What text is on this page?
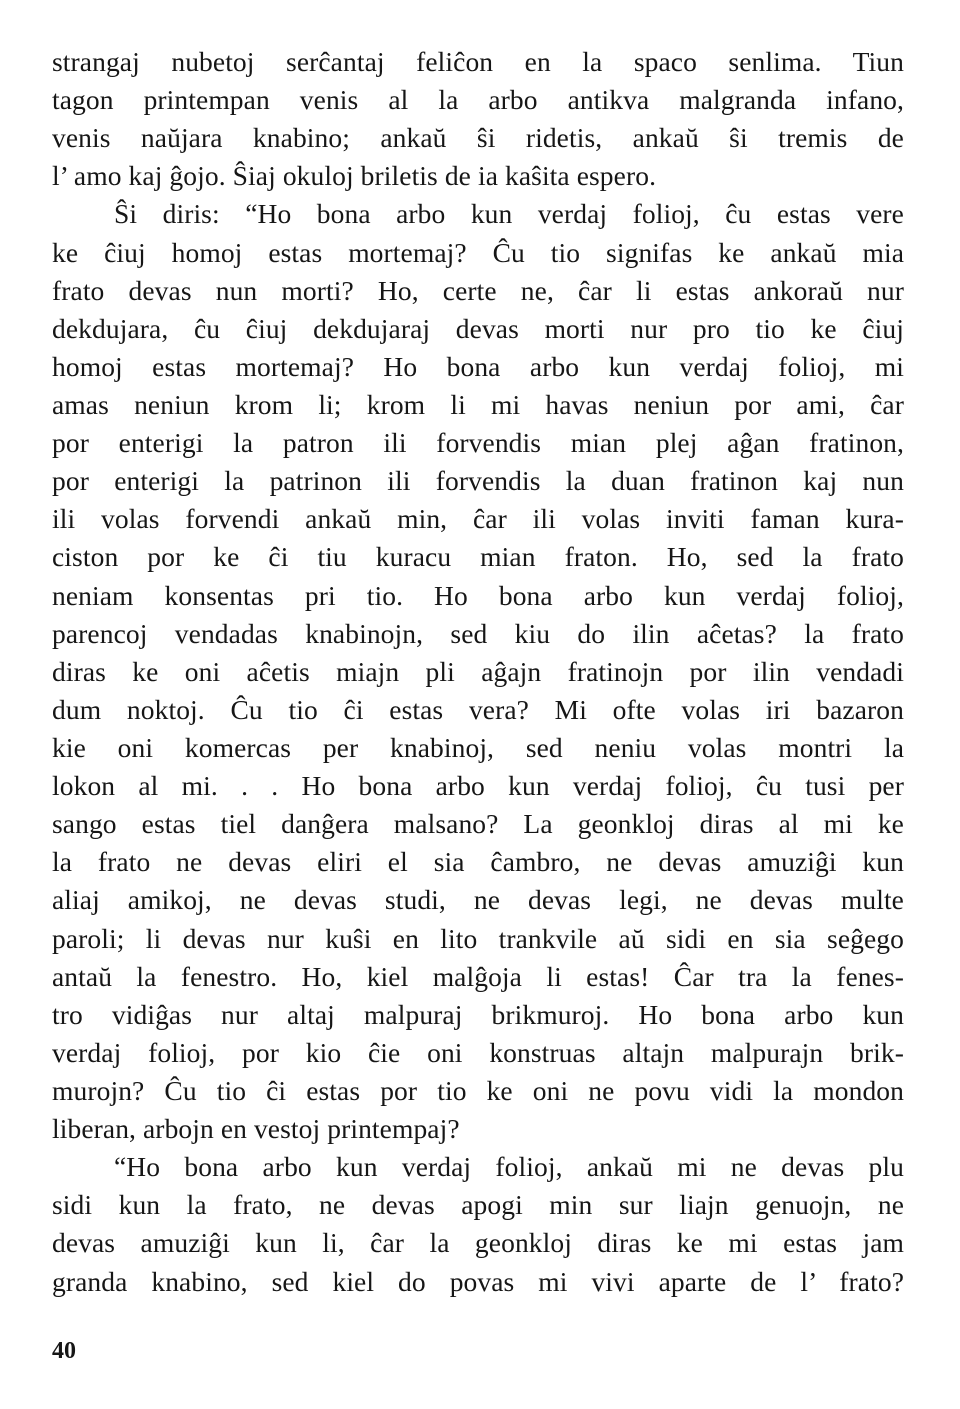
strangaj nubetoj serĉantaj feliĉon en la spaco senlima. Tiun
tagon printempan venis al la arbo antikva malgranda infano,
venis naŭjara knabino; ankaŭ ŝi ridetis, ankaŭ ŝi tremis de
l’ amo kaj ĝojo. Ŝiaj okuloj briletis de ia kaŝita espero.
Ŝi diris: “Ho bona arbo kun verdaj folioj, ĉu estas vere
ke ĉiuj homoj estas mortemaj? Ĉu tio signifas ke ankaŭ mia
frato devas nun morti? Ho, certe ne, ĉar li estas ankoraŭ nur
dekdujara, ĉu ĉiuj dekdujaraj devas morti nur pro tio ke ĉiuj
homoj estas mortemaj? Ho bona arbo kun verdaj folioj, mi
amas neniun krom li; krom li mi havas neniun por ami, ĉar
por enterigi la patron ili forvendis mian plej aĝan fratinon,
por enterigi la patrinon ili forvendis la duan fratinon kaj nun
ili volas forvendi ankaŭ min, ĉar ili volas inviti faman kura-
ciston por ke ĉi tiu kuracu mian fraton. Ho, sed la frato
neniam konsentas pri tio. Ho bona arbo kun verdaj folioj,
parencoj vendadas knabinojn, sed kiu do ilin aĉetas? la frato
diras ke oni aĉetis miajn pli aĝajn fratinojn por ilin vendadi
dum noktoj. Ĉu tio ĉi estas vera? Mi ofte volas iri bazaron
kie oni komercas per knabinoj, sed neniu volas montri la
lokon al mi. . . Ho bona arbo kun verdaj folioj, ĉu tusi per
sango estas tiel danĝera malsano? La geonkloj diras al mi ke
la frato ne devas eliri el sia ĉambro, ne devas amuziĝi kun
aliaj amikoj, ne devas studi, ne devas legi, ne devas multe
paroli; li devas nur kuŝi en lito trankvile aŭ sidi en sia seĝego
antaŭ la fenestro. Ho, kiel malĝoja li estas! Ĉar tra la fenes-
tro vidiĝas nur altaj malpuraj brikmuroj. Ho bona arbo kun
verdaj folioj, por kio ĉie oni konstruas altajn malpurajn brik-
murojn? Ĉu tio ĉi estas por tio ke oni ne povu vidi la mondon
liberan, arbojn en vestoj printempaj?
“Ho bona arbo kun verdaj folioj, ankaŭ mi ne devas plu
sidi kun la frato, ne devas apogi min sur liajn genuojn, ne
devas amuziĝi kun li, ĉar la geonkloj diras ke mi estas jam
granda knabino, sed kiel do povas mi vivi aparte de l’ frato?
40
